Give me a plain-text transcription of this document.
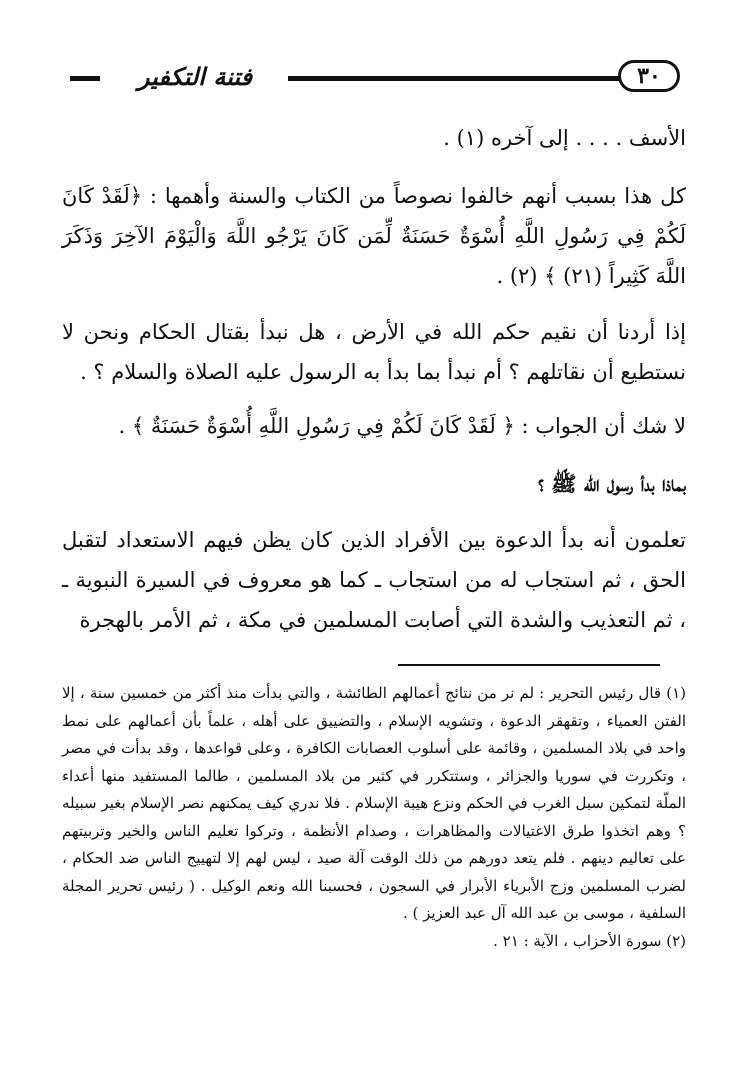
فتنة التكفير	٣٠

الأسف . . . . إلى آخره (١) .

كل هذا بسبب أنهم خالفوا نصوصاً من الكتاب والسنة وأهمها : ﴿لَقَدْ كَانَ لَكُمْ فِي رَسُولِ اللَّهِ أُسْوَةٌ حَسَنَةٌ لِّمَن كَانَ يَرْجُو اللَّهَ وَالْيَوْمَ الآخِرَ وَذَكَرَ اللَّهَ كَثِيراً (٢١) ﴾ (٢) .

إذا أردنا أن نقيم حكم الله في الأرض ، هل نبدأ بقتال الحكام ونحن لا نستطيع أن نقاتلهم ؟ أم نبدأ بما بدأ به الرسول عليه الصلاة والسلام ؟ .

لا شك أن الجواب : ﴿ لَقَدْ كَانَ لَكُمْ فِي رَسُولِ اللَّهِ أُسْوَةٌ حَسَنَةٌ ﴾ .

بماذا بدأ رسول الله ﷺ ؟

تعلمون أنه بدأ الدعوة بين الأفراد الذين كان يظن فيهم الاستعداد لتقبل الحق ، ثم استجاب له من استجاب ـ كما هو معروف في السيرة النبوية ـ ، ثم التعذيب والشدة التي أصابت المسلمين في مكة ، ثم الأمر بالهجرة

(١) قال رئيس التحرير : لم نر من نتائج أعمالهم الطائشة ، والتي بدأت منذ أكثر من خمسين سنة ، إلا الفتن العمياء ، وتقهقر الدعوة ، وتشويه الإسلام ، والتضييق على أهله ، علماً بأن أعمالهم على نمط واحد في بلاد المسلمين ، وقائمة على أسلوب العصابات الكافرة ، وعلى قواعدها ، وقد بدأت في مصر ، وتكررت في سوريا والجزائر ، وستتكرر في كثير من بلاد المسلمين ، طالما المستفيد منها أعداء الملّة لتمكين سبل الغرب في الحكم ونزع هيبة الإسلام . فلا ندري كيف يمكنهم نصر الإسلام بغير سبيله ؟ وهم اتخذوا طرق الاغتيالات والمظاهرات ، وصدام الأنظمة ، وتركوا تعليم الناس والخير وتربيتهم على تعاليم دينهم . فلم يتعد دورهم من ذلك الوقت آلة صيد ، ليس لهم إلا لتهييج الناس ضد الحكام ، لضرب المسلمين وزج الأبرياء الأبرار في السجون ، فحسبنا الله ونعم الوكيل . ( رئيس تحرير المجلة السلفية ، موسى بن عبد الله آل عبد العزيز ) .

(٢) سورة الأحزاب ، الآية : ٢١ .
